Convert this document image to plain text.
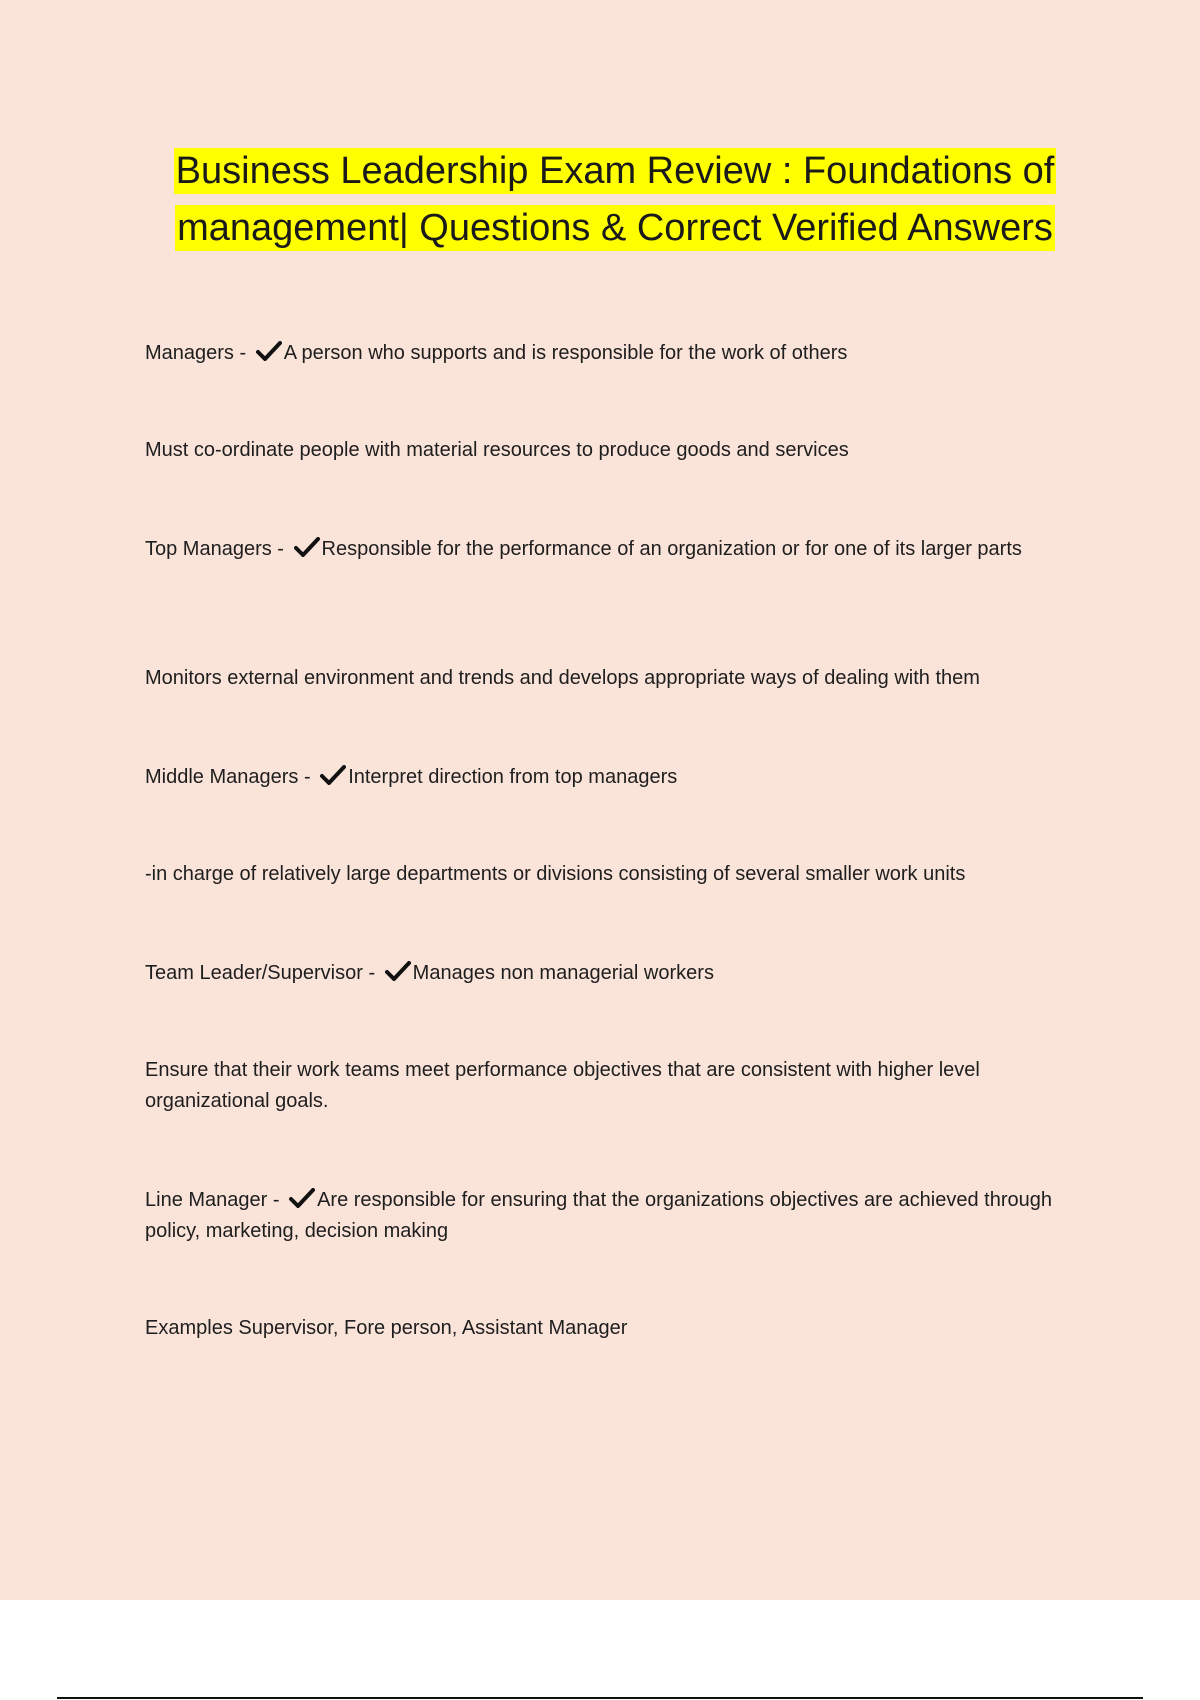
Business Leadership Exam Review : Foundations of management| Questions & Correct Verified Answers
Managers - A person who supports and is responsible for the work of others
Must co-ordinate people with material resources to produce goods and services
Top Managers - Responsible for the performance of an organization or for one of its larger parts
Monitors external environment and trends and develops appropriate ways of dealing with them
Middle Managers - Interpret direction from top managers
-in charge of relatively large departments or divisions consisting of several smaller work units
Team Leader/Supervisor - Manages non managerial workers
Ensure that their work teams meet performance objectives that are consistent with higher level organizational goals.
Line Manager - Are responsible for ensuring that the organizations objectives are achieved through policy, marketing, decision making
Examples Supervisor, Fore person, Assistant Manager
